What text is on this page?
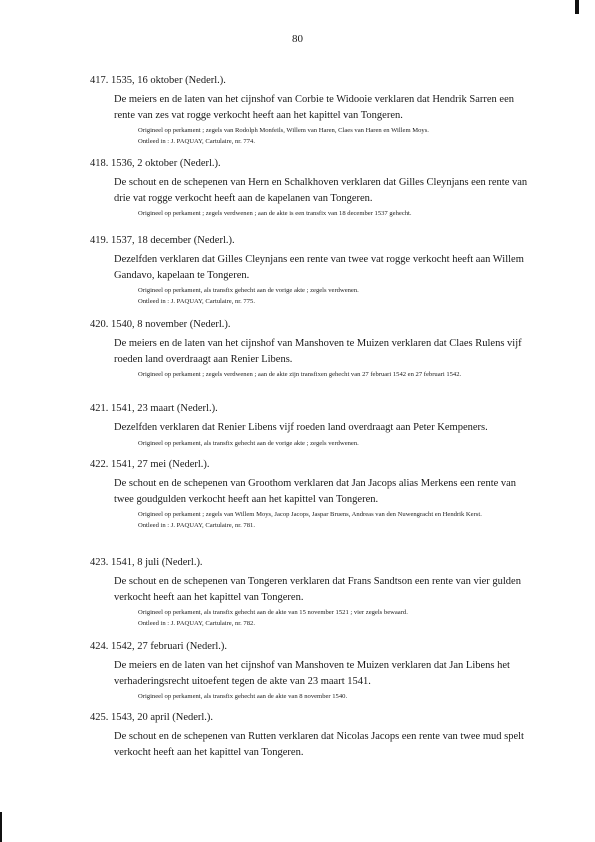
80
417. 1535, 16 oktober (Nederl.).
De meiers en de laten van het cijnshof van Corbie te Widooie verklaren dat Hendrik Sarren een rente van zes vat rogge verkocht heeft aan het kapittel van Tongeren.
Origineel op perkament ; zegels van Rodolph Monfeils, Willem van Haren, Claes van Haren en Willem Moys.
Ontleed in : J. PAQUAY, Cartulaire, nr. 774.
418. 1536, 2 oktober (Nederl.).
De schout en de schepenen van Hern en Schalkhoven verklaren dat Gilles Cleynjans een rente van drie vat rogge verkocht heeft aan de kapelanen van Tongeren.
Origineel op perkament ; zegels verdwenen ; aan de akte is een transfix van 18 december 1537 gehecht.
419. 1537, 18 december (Nederl.).
Dezelfden verklaren dat Gilles Cleynjans een rente van twee vat rogge verkocht heeft aan Willem Gandavo, kapelaan te Tongeren.
Origineel op perkament, als transfix gehecht aan de vorige akte ; zegels verdwenen.
Ontleed in : J. PAQUAY, Cartulaire, nr. 775.
420. 1540, 8 november (Nederl.).
De meiers en de laten van het cijnshof van Manshoven te Muizen verklaren dat Claes Rulens vijf roeden land overdraagt aan Renier Libens.
Origineel op perkament ; zegels verdwenen ; aan de akte zijn transfixen gehecht van 27 februari 1542 en 27 februari 1542.
421. 1541, 23 maart (Nederl.).
Dezelfden verklaren dat Renier Libens vijf roeden land overdraagt aan Peter Kempeners.
Origineel op perkament, als transfix gehecht aan de vorige akte ; zegels verdwenen.
422. 1541, 27 mei (Nederl.).
De schout en de schepenen van Groothom verklaren dat Jan Jacops alias Merkens een rente van twee goudgulden verkocht heeft aan het kapittel van Tongeren.
Origineel op perkament ; zegels van Willem Moys, Jacop Jacops, Jaspar Bruens, Andreas van den Nuwengracht en Hendrik Kerst.
Ontleed in : J. PAQUAY, Cartulaire, nr. 781.
423. 1541, 8 juli (Nederl.).
De schout en de schepenen van Tongeren verklaren dat Frans Sandtson een rente van vier gulden verkocht heeft aan het kapittel van Tongeren.
Origineel op perkament, als transfix gehecht aan de akte van 15 november 1521 ; vier zegels bewaard.
Ontleed in : J. PAQUAY, Cartulaire, nr. 782.
424. 1542, 27 februari (Nederl.).
De meiers en de laten van het cijnshof van Manshoven te Muizen verklaren dat Jan Libens het verhaderingsrecht uitoefent tegen de akte van 23 maart 1541.
Origineel op perkament, als transfix gehecht aan de akte van 8 november 1540.
425. 1543, 20 april (Nederl.).
De schout en de schepenen van Rutten verklaren dat Nicolas Jacops een rente van twee mud spelt verkocht heeft aan het kapittel van Tongeren.
